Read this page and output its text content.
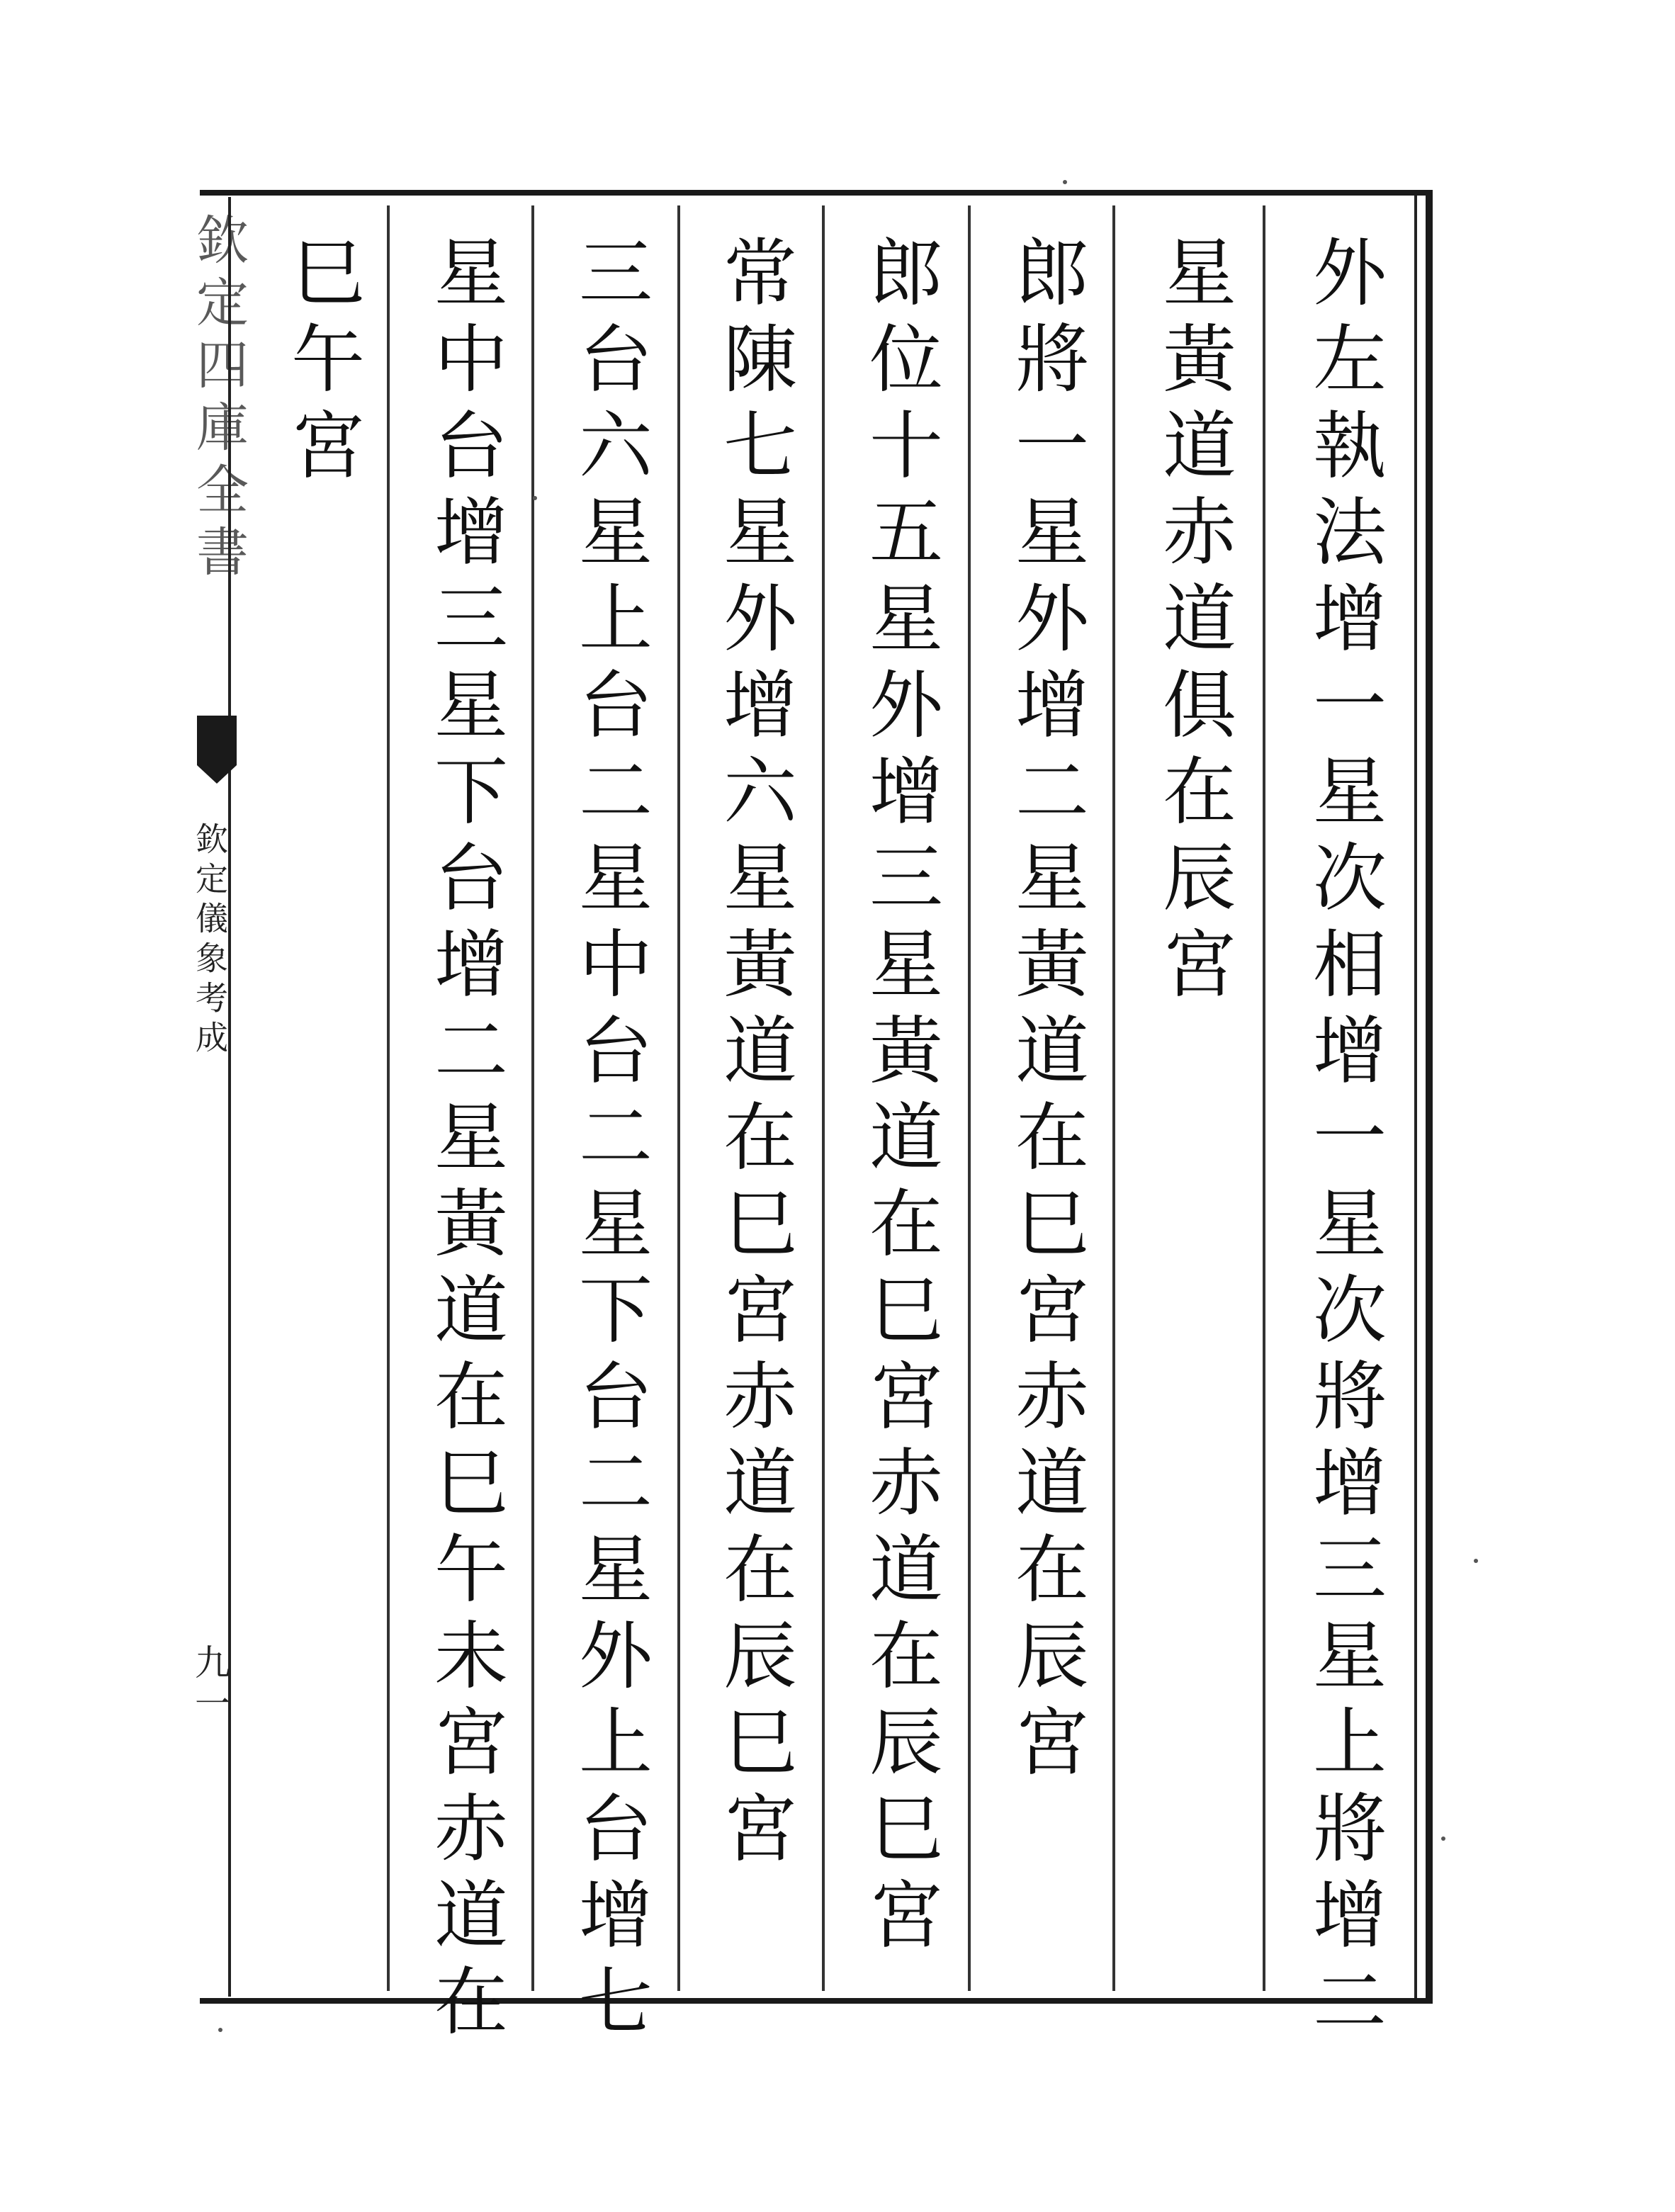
外左執法增一星次相增一星次將增三星上將增二
星黃道赤道俱在辰宮
郎將一星外增二星黃道在巳宮赤道在辰宮
郎位十五星外增三星黃道在巳宮赤道在辰巳宮
常陳七星外增六星黃道在巳宮赤道在辰巳宮
三台六星上台二星中台二星下台二星外上台增七
星中台增三星下台增二星黃道在巳午未宮赤道在
巳午宮
欽定四庫全書
欽定儀象考成
九一
